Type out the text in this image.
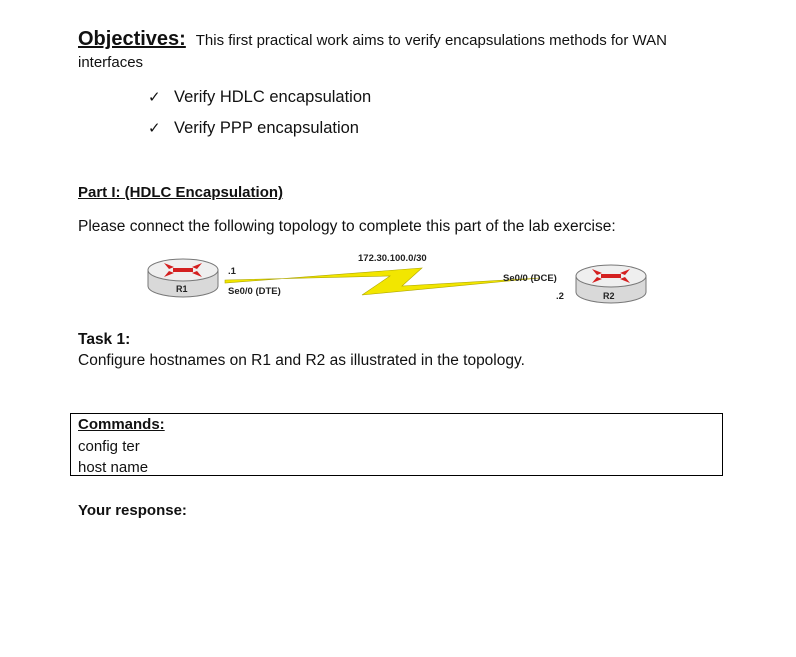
Objectives: This first practical work aims to verify encapsulations methods for WAN
interfaces
✓ Verify HDLC encapsulation
✓ Verify PPP encapsulation
Part I: (HDLC Encapsulation)
Please connect the following topology to complete this part of the lab exercise:
172.30.100.0/30
.1
R1	Se0/0 (DTE)
Se0/0 (DCE)
.2	R2
Task 1:
Configure hostnames on R1 and R2 as illustrated in the topology.
Commands:
config ter
host name
Your response:
